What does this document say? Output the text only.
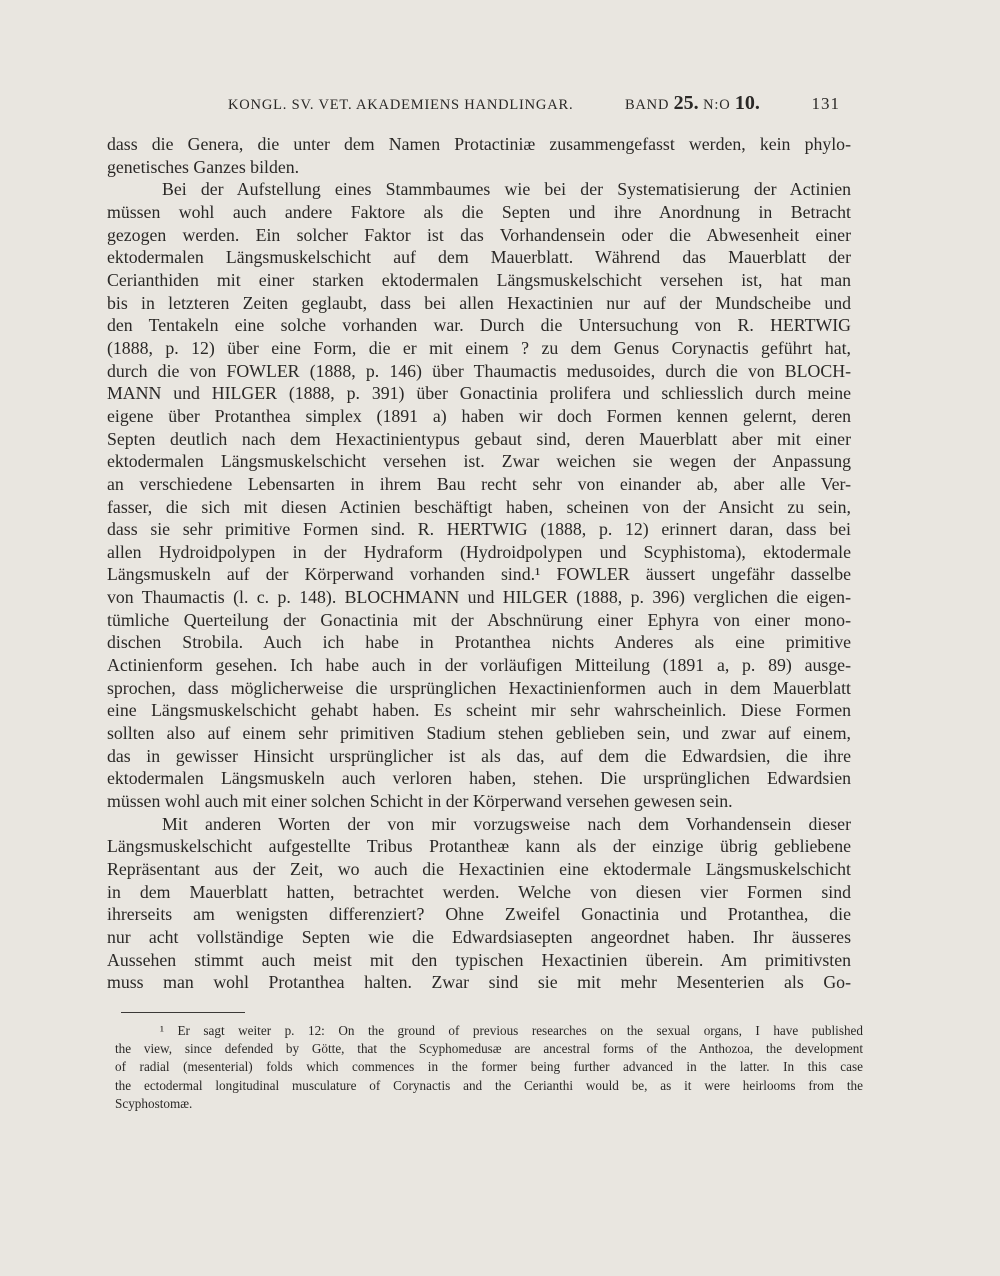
KONGL. SV. VET. AKADEMIENS HANDLINGAR.	BAND 25. N:O 10.	131
dass die Genera, die unter dem Namen Protactiniæ zusammengefasst werden, kein phylo-
genetisches Ganzes bilden.
Bei der Aufstellung eines Stammbaumes wie bei der Systematisierung der Actinien
müssen wohl auch andere Faktore als die Septen und ihre Anordnung in Betracht
gezogen werden. Ein solcher Faktor ist das Vorhandensein oder die Abwesenheit einer
ektodermalen Längsmuskelschicht auf dem Mauerblatt. Während das Mauerblatt der
Cerianthiden mit einer starken ektodermalen Längsmuskelschicht versehen ist, hat man
bis in letzteren Zeiten geglaubt, dass bei allen Hexactinien nur auf der Mundscheibe und
den Tentakeln eine solche vorhanden war. Durch die Untersuchung von R. HERTWIG
(1888, p. 12) über eine Form, die er mit einem ? zu dem Genus Corynactis geführt hat,
durch die von FOWLER (1888, p. 146) über Thaumactis medusoides, durch die von BLOCH-
MANN und HILGER (1888, p. 391) über Gonactinia prolifera und schliesslich durch meine
eigene über Protanthea simplex (1891 a) haben wir doch Formen kennen gelernt, deren
Septen deutlich nach dem Hexactinientypus gebaut sind, deren Mauerblatt aber mit einer
ektodermalen Längsmuskelschicht versehen ist. Zwar weichen sie wegen der Anpassung
an verschiedene Lebensarten in ihrem Bau recht sehr von einander ab, aber alle Ver-
fasser, die sich mit diesen Actinien beschäftigt haben, scheinen von der Ansicht zu sein,
dass sie sehr primitive Formen sind. R. HERTWIG (1888, p. 12) erinnert daran, dass bei
allen Hydroidpolypen in der Hydraform (Hydroidpolypen und Scyphistoma), ektodermale
Längsmuskeln auf der Körperwand vorhanden sind.¹ FOWLER äussert ungefähr dasselbe
von Thaumactis (l. c. p. 148). BLOCHMANN und HILGER (1888, p. 396) verglichen die eigen-
tümliche Querteilung der Gonactinia mit der Abschnürung einer Ephyra von einer mono-
dischen Strobila. Auch ich habe in Protanthea nichts Anderes als eine primitive
Actinienform gesehen. Ich habe auch in der vorläufigen Mitteilung (1891 a, p. 89) ausge-
sprochen, dass möglicherweise die ursprünglichen Hexactinienformen auch in dem Mauerblatt
eine Längsmuskelschicht gehabt haben. Es scheint mir sehr wahrscheinlich. Diese Formen
sollten also auf einem sehr primitiven Stadium stehen geblieben sein, und zwar auf einem,
das in gewisser Hinsicht ursprünglicher ist als das, auf dem die Edwardsien, die ihre
ektodermalen Längsmuskeln auch verloren haben, stehen. Die ursprünglichen Edwardsien
müssen wohl auch mit einer solchen Schicht in der Körperwand versehen gewesen sein.
Mit anderen Worten der von mir vorzugsweise nach dem Vorhandensein dieser
Längsmuskelschicht aufgestellte Tribus Protantheæ kann als der einzige übrig gebliebene
Repräsentant aus der Zeit, wo auch die Hexactinien eine ektodermale Längsmuskelschicht
in dem Mauerblatt hatten, betrachtet werden. Welche von diesen vier Formen sind
ihrerseits am wenigsten differenziert? Ohne Zweifel Gonactinia und Protanthea, die
nur acht vollständige Septen wie die Edwardsiasepten angeordnet haben. Ihr äusseres
Aussehen stimmt auch meist mit den typischen Hexactinien überein. Am primitivsten
muss man wohl Protanthea halten. Zwar sind sie mit mehr Mesenterien als Go-
¹ Er sagt weiter p. 12: On the ground of previous researches on the sexual organs, I have published
the view, since defended by Götte, that the Scyphomedusæ are ancestral forms of the Anthozoa, the development
of radial (mesenterial) folds which commences in the former being further advanced in the latter. In this case
the ectodermal longitudinal musculature of Corynactis and the Cerianthi would be, as it were heirlooms from the
Scyphostomæ.
